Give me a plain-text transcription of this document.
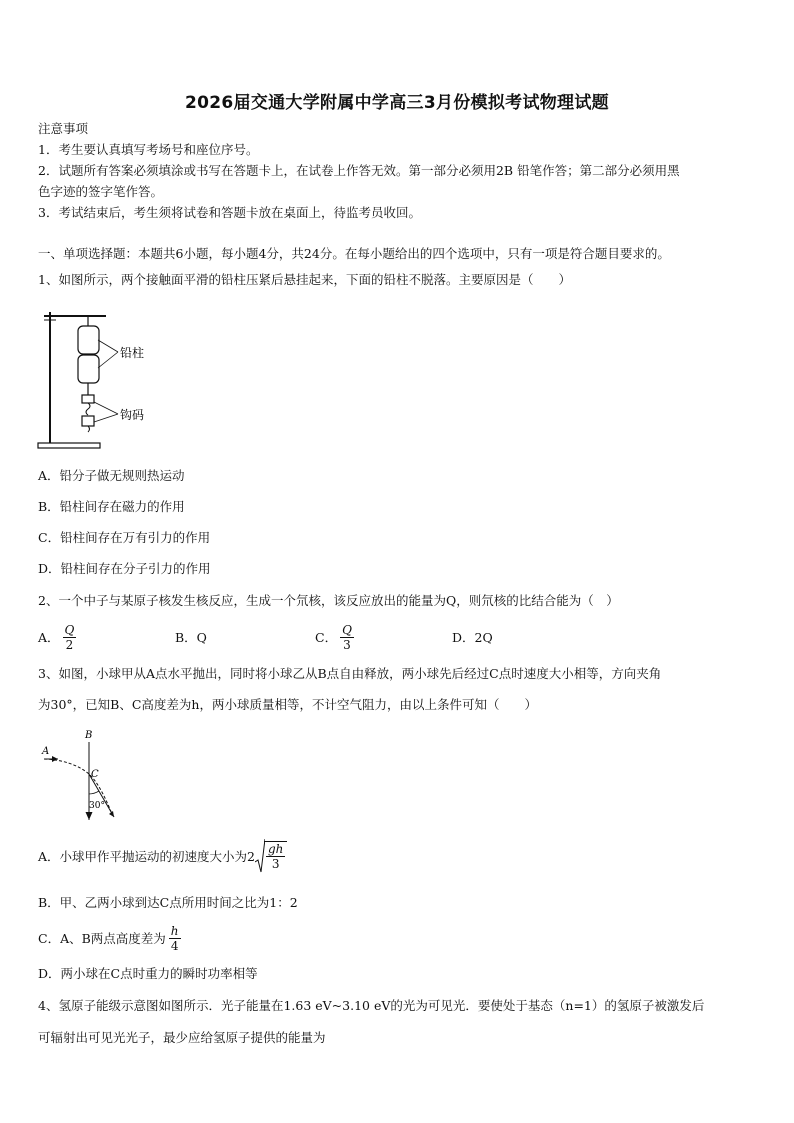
2026届交通大学附属中学高三3月份模拟考试物理试题
注意事项
1．考生要认真填写考场号和座位序号。
2．试题所有答案必须填涂或书写在答题卡上，在试卷上作答无效。第一部分必须用2B 铅笔作答；第二部分必须用黑
色字迹的签字笔作答。
3．考试结束后，考生须将试卷和答题卡放在桌面上，待监考员收回。
一、单项选择题：本题共6小题，每小题4分，共24分。在每小题给出的四个选项中，只有一项是符合题目要求的。
1、如图所示，两个接触面平滑的铅柱压紧后悬挂起来，下面的铅柱不脱落。主要原因是（　　）
铅柱
钩码
A．铅分子做无规则热运动
B．铅柱间存在磁力的作用
C．铅柱间存在万有引力的作用
D．铅柱间存在分子引力的作用
2、一个中子与某原子核发生核反应，生成一个氘核，该反应放出的能量为Q，则氘核的比结合能为（　）
A． $\frac{Q}{2}$	B．Q	C． $\frac{Q}{3}$	D．2Q
3、如图，小球甲从A点水平抛出，同时将小球乙从B点自由释放，两小球先后经过C点时速度大小相等，方向夹角
为30°，已知B、C高度差为h，两小球质量相等，不计空气阻力，由以上条件可知（　　）
A
B
C
30°
A．小球甲作平抛运动的初速度大小为$2 \frac{gh}{3}$
B．甲、乙两小球到达C点所用时间之比为1：2
C．A、B两点高度差为 $\frac{h}{4}$
D．两小球在C点时重力的瞬时功率相等
4、氢原子能级示意图如图所示．光子能量在1.63 eV~3.10 eV的光为可见光．要使处于基态（n=1）的氢原子被激发后
可辐射出可见光光子，最少应给氢原子提供的能量为
